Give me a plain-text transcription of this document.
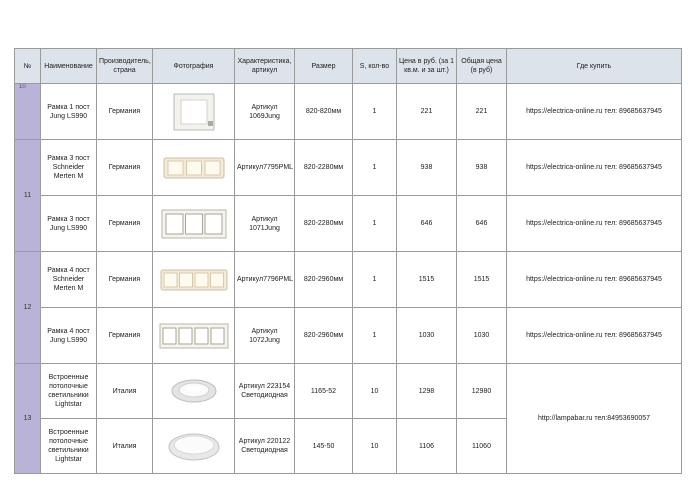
№	Наименование	Производитель, страна	Фотография	Характеристика, артикул	Размер	S, кол-во	Цена в руб. (за 1 кв.м. и за шт.)	Общая цена (в руб)	Где купить

10	Рамка 1 пост Jung LS990	Германия		Артикул 1069Jung	820-820мм	1	221	221	https://electrica-online.ru тел: 89685637945
11	Рамка 3 пост Schneider Merten M	Германия		Артикул7795PML	820-2280мм	1	938	938	https://electrica-online.ru тел: 89685637945
	Рамка 3 пост Jung LS990	Германия		Артикул 1071Jung	820-2280мм	1	646	646	https://electrica-online.ru тел: 89685637945
12	Рамка 4 пост Schneider Merten M	Германия		Артикул7796PML	820-2960мм	1	1515	1515	https://electrica-online.ru тел: 89685637945
	Рамка 4 пост Jung LS990	Германия		Артикул 1072Jung	820-2960мм	1	1030	1030	https://electrica-online.ru тел: 89685637945
13	Встроенные потолочные светильники Lightstar	Италия		Артикул 223154 Светодиодная	1165-52	10	1298	12980	http://lampabar.ru тел:84953690057
	Встроенные потолочные светильники Lightstar	Италия		Артикул 220122 Светодиодная	145-50	10	1106	11060	
